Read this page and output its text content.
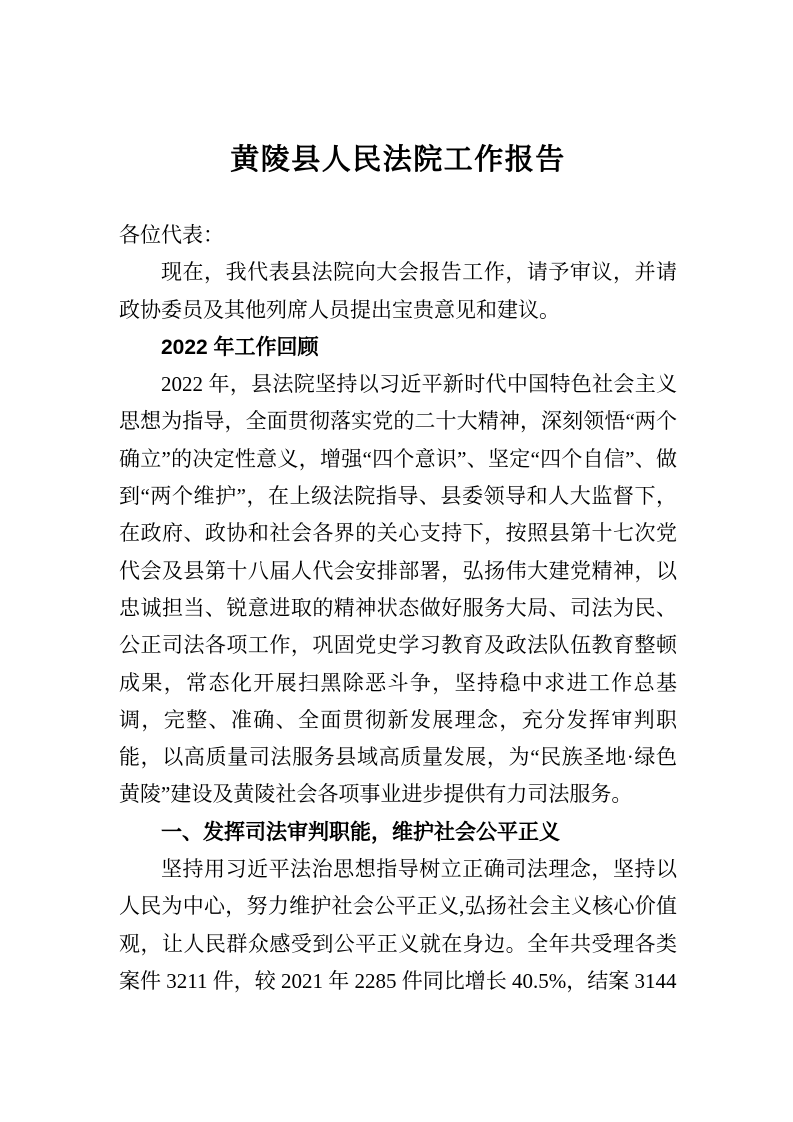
黄陵县人民法院工作报告

各位代表：

现在，我代表县法院向大会报告工作，请予审议，并请政协委员及其他列席人员提出宝贵意见和建议。

2022 年工作回顾

2022 年，县法院坚持以习近平新时代中国特色社会主义思想为指导，全面贯彻落实党的二十大精神，深刻领悟“两个确立”的决定性意义，增强“四个意识”、坚定“四个自信”、做到“两个维护”，在上级法院指导、县委领导和人大监督下，在政府、政协和社会各界的关心支持下，按照县第十七次党代会及县第十八届人代会安排部署，弘扬伟大建党精神，以忠诚担当、锐意进取的精神状态做好服务大局、司法为民、公正司法各项工作，巩固党史学习教育及政法队伍教育整顿成果，常态化开展扫黑除恶斗争，坚持稳中求进工作总基调，完整、准确、全面贯彻新发展理念，充分发挥审判职能，以高质量司法服务县域高质量发展，为“民族圣地·绿色黄陵”建设及黄陵社会各项事业进步提供有力司法服务。

一、发挥司法审判职能，维护社会公平正义

坚持用习近平法治思想指导树立正确司法理念，坚持以人民为中心，努力维护社会公平正义,弘扬社会主义核心价值观，让人民群众感受到公平正义就在身边。全年共受理各类案件 3211 件，较 2021 年 2285 件同比增长 40.5%，结案 3144
